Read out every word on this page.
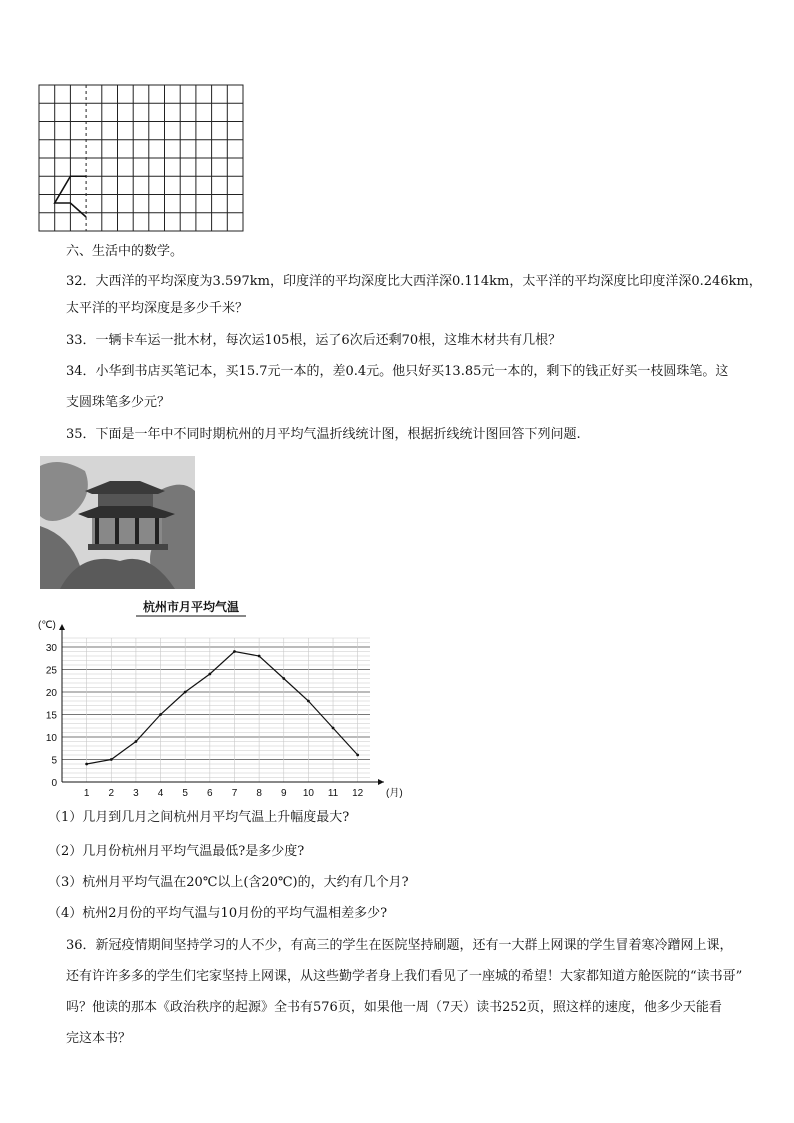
六、生活中的数学。
32．大西洋的平均深度为3.597km，印度洋的平均深度比大西洋深0.114km，太平洋的平均深度比印度洋深0.246km，
太平洋的平均深度是多少千米？
33．一辆卡车运一批木材，每次运105根，运了6次后还剩70根，这堆木材共有几根？
34．小华到书店买笔记本，买15.7元一本的，差0.4元。他只好买13.85元一本的，剩下的钱正好买一枝圆珠笔。这
支圆珠笔多少元？
35．下面是一年中不同时期杭州的月平均气温折线统计图，根据折线统计图回答下列问题.
0
5
10
15
20
25
30
1 2 3 4 5 6 7 8 9 10 11 12
(℃)
(月)
杭州市月平均气温
（1）几月到几月之间杭州月平均气温上升幅度最大?
（2）几月份杭州月平均气温最低?是多少度?
（3）杭州月平均气温在20℃以上(含20℃)的，大约有几个月?
（4）杭州2月份的平均气温与10月份的平均气温相差多少?
36．新冠疫情期间坚持学习的人不少，有高三的学生在医院坚持刷题，还有一大群上网课的学生冒着寒冷蹭网上课，
还有许许多多的学生们宅家坚持上网课，从这些勤学者身上我们看见了一座城的希望！大家都知道方舱医院的“读书哥”
吗？他读的那本《政治秩序的起源》全书有576页，如果他一周（7天）读书252页，照这样的速度，他多少天能看
完这本书？
